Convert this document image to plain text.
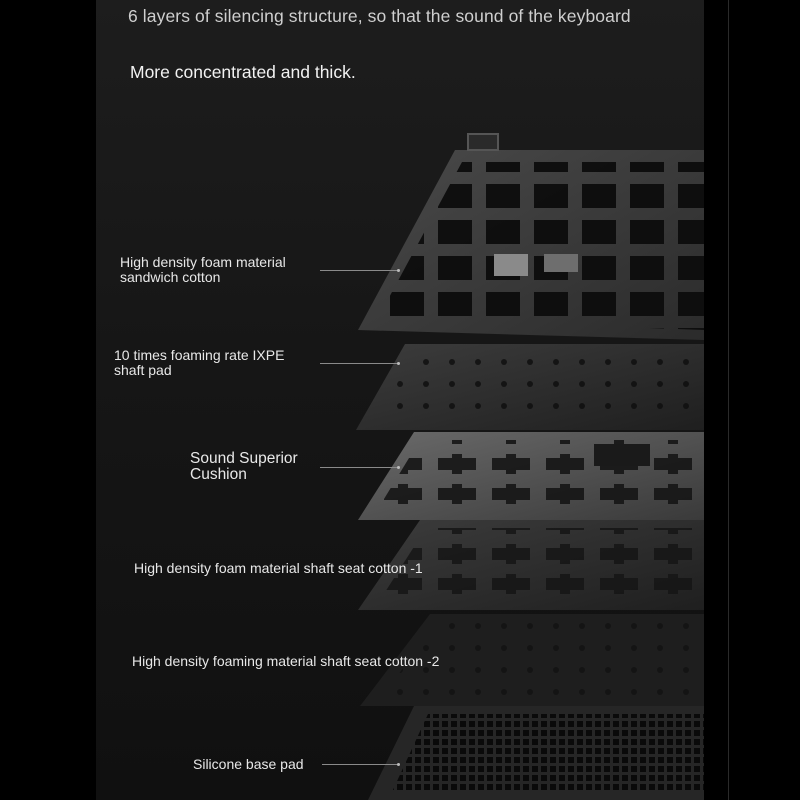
6 layers of silencing structure, so that the sound of the keyboard
More concentrated and thick.
High density foam material
sandwich cotton
10 times foaming rate IXPE
shaft pad
Sound Superior
Cushion
High density foam material shaft seat cotton -1
High density foaming material shaft seat cotton -2
Silicone base pad
